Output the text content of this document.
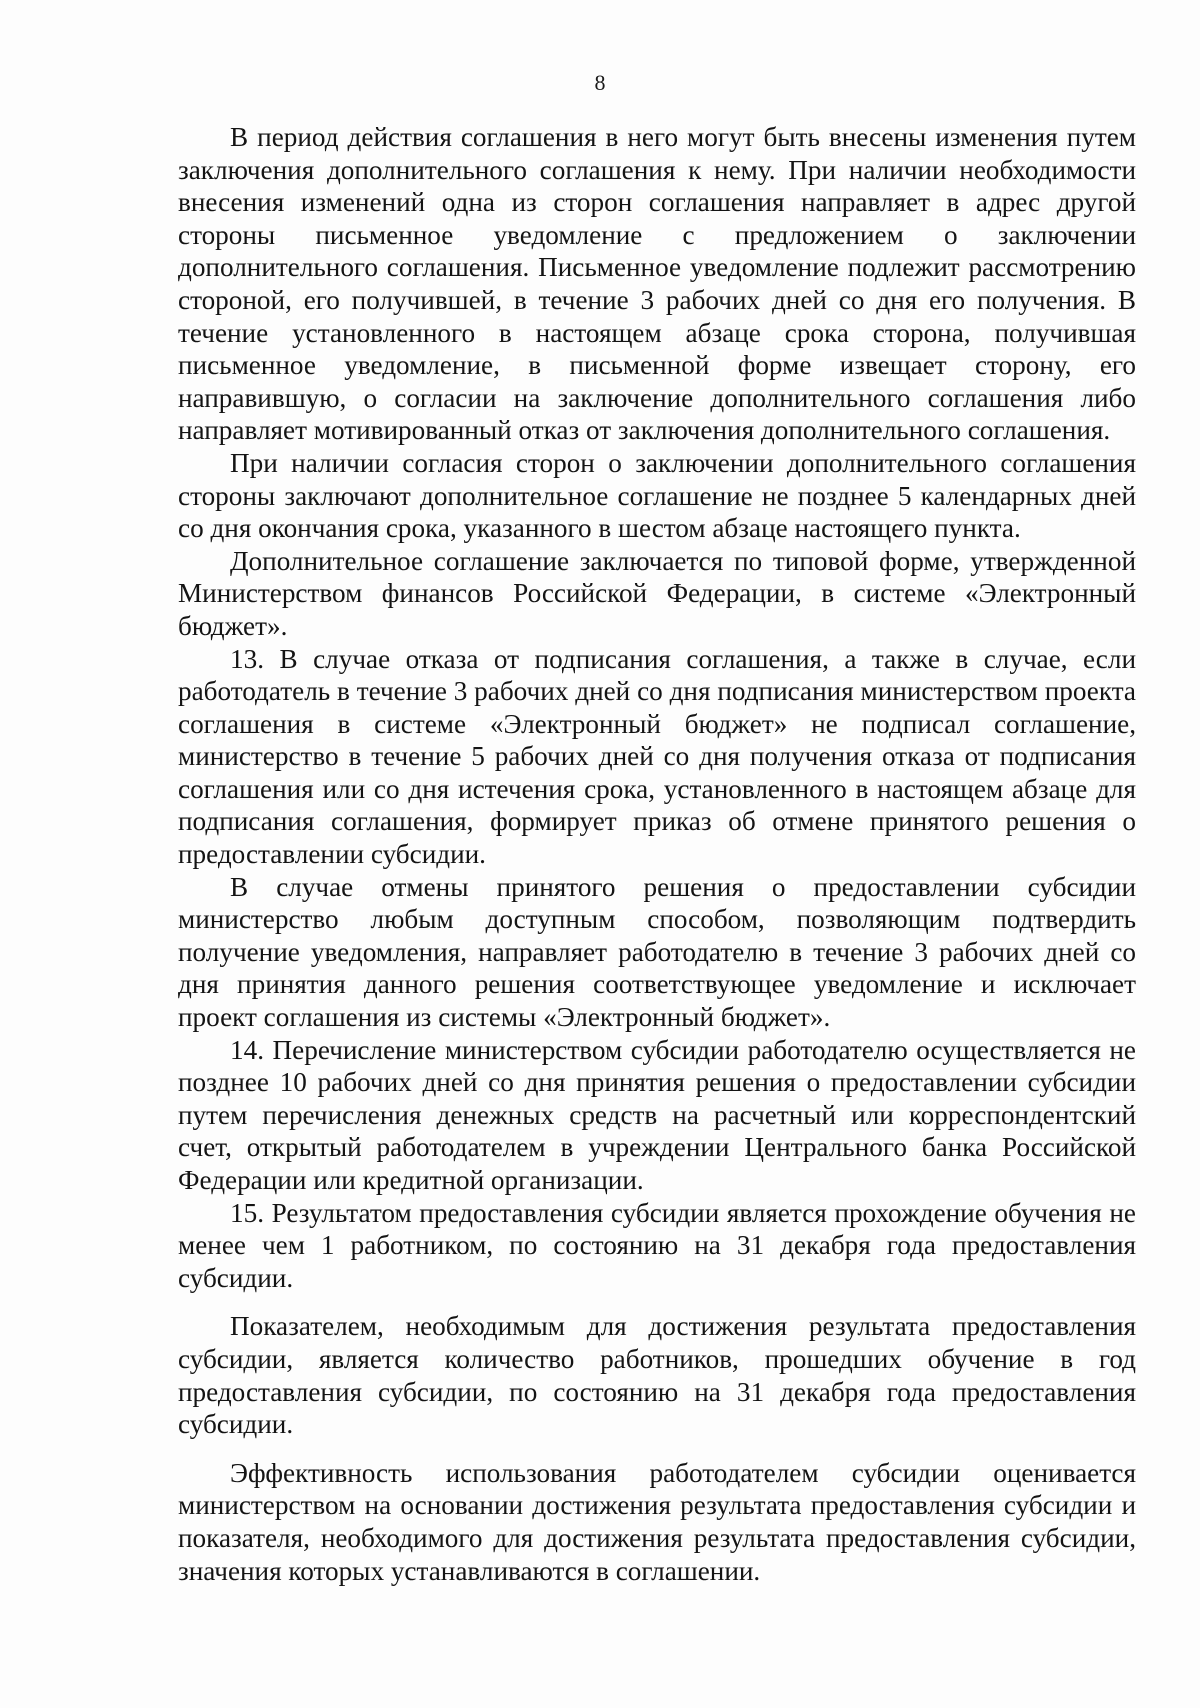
8

В период действия соглашения в него могут быть внесены изменения путем заключения дополнительного соглашения к нему. При наличии необходимости внесения изменений одна из сторон соглашения направляет в адрес другой стороны письменное уведомление с предложением о заключении дополнительного соглашения. Письменное уведомление подлежит рассмотрению стороной, его получившей, в течение 3 рабочих дней со дня его получения. В течение установленного в настоящем абзаце срока сторона, получившая письменное уведомление, в письменной форме извещает сторону, его направившую, о согласии на заключение дополнительного соглашения либо направляет мотивированный отказ от заключения дополнительного соглашения.

При наличии согласия сторон о заключении дополнительного соглашения стороны заключают дополнительное соглашение не позднее 5 календарных дней со дня окончания срока, указанного в шестом абзаце настоящего пункта.

Дополнительное соглашение заключается по типовой форме, утвержденной Министерством финансов Российской Федерации, в системе «Электронный бюджет».

13. В случае отказа от подписания соглашения, а также в случае, если работодатель в течение 3 рабочих дней со дня подписания министерством проекта соглашения в системе «Электронный бюджет» не подписал соглашение, министерство в течение 5 рабочих дней со дня получения отказа от подписания соглашения или со дня истечения срока, установленного в настоящем абзаце для подписания соглашения, формирует приказ об отмене принятого решения о предоставлении субсидии.

В случае отмены принятого решения о предоставлении субсидии министерство любым доступным способом, позволяющим подтвердить получение уведомления, направляет работодателю в течение 3 рабочих дней со дня принятия данного решения соответствующее уведомление и исключает проект соглашения из системы «Электронный бюджет».

14. Перечисление министерством субсидии работодателю осуществляется не позднее 10 рабочих дней со дня принятия решения о предоставлении субсидии путем перечисления денежных средств на расчетный или корреспондентский счет, открытый работодателем в учреждении Центрального банка Российской Федерации или кредитной организации.

15. Результатом предоставления субсидии является прохождение обучения не менее чем 1 работником, по состоянию на 31 декабря года предоставления субсидии.

Показателем, необходимым для достижения результата предоставления субсидии, является количество работников, прошедших обучение в год предоставления субсидии, по состоянию на 31 декабря года предоставления субсидии.

Эффективность использования работодателем субсидии оценивается министерством на основании достижения результата предоставления субсидии и показателя, необходимого для достижения результата предоставления субсидии, значения которых устанавливаются в соглашении.
